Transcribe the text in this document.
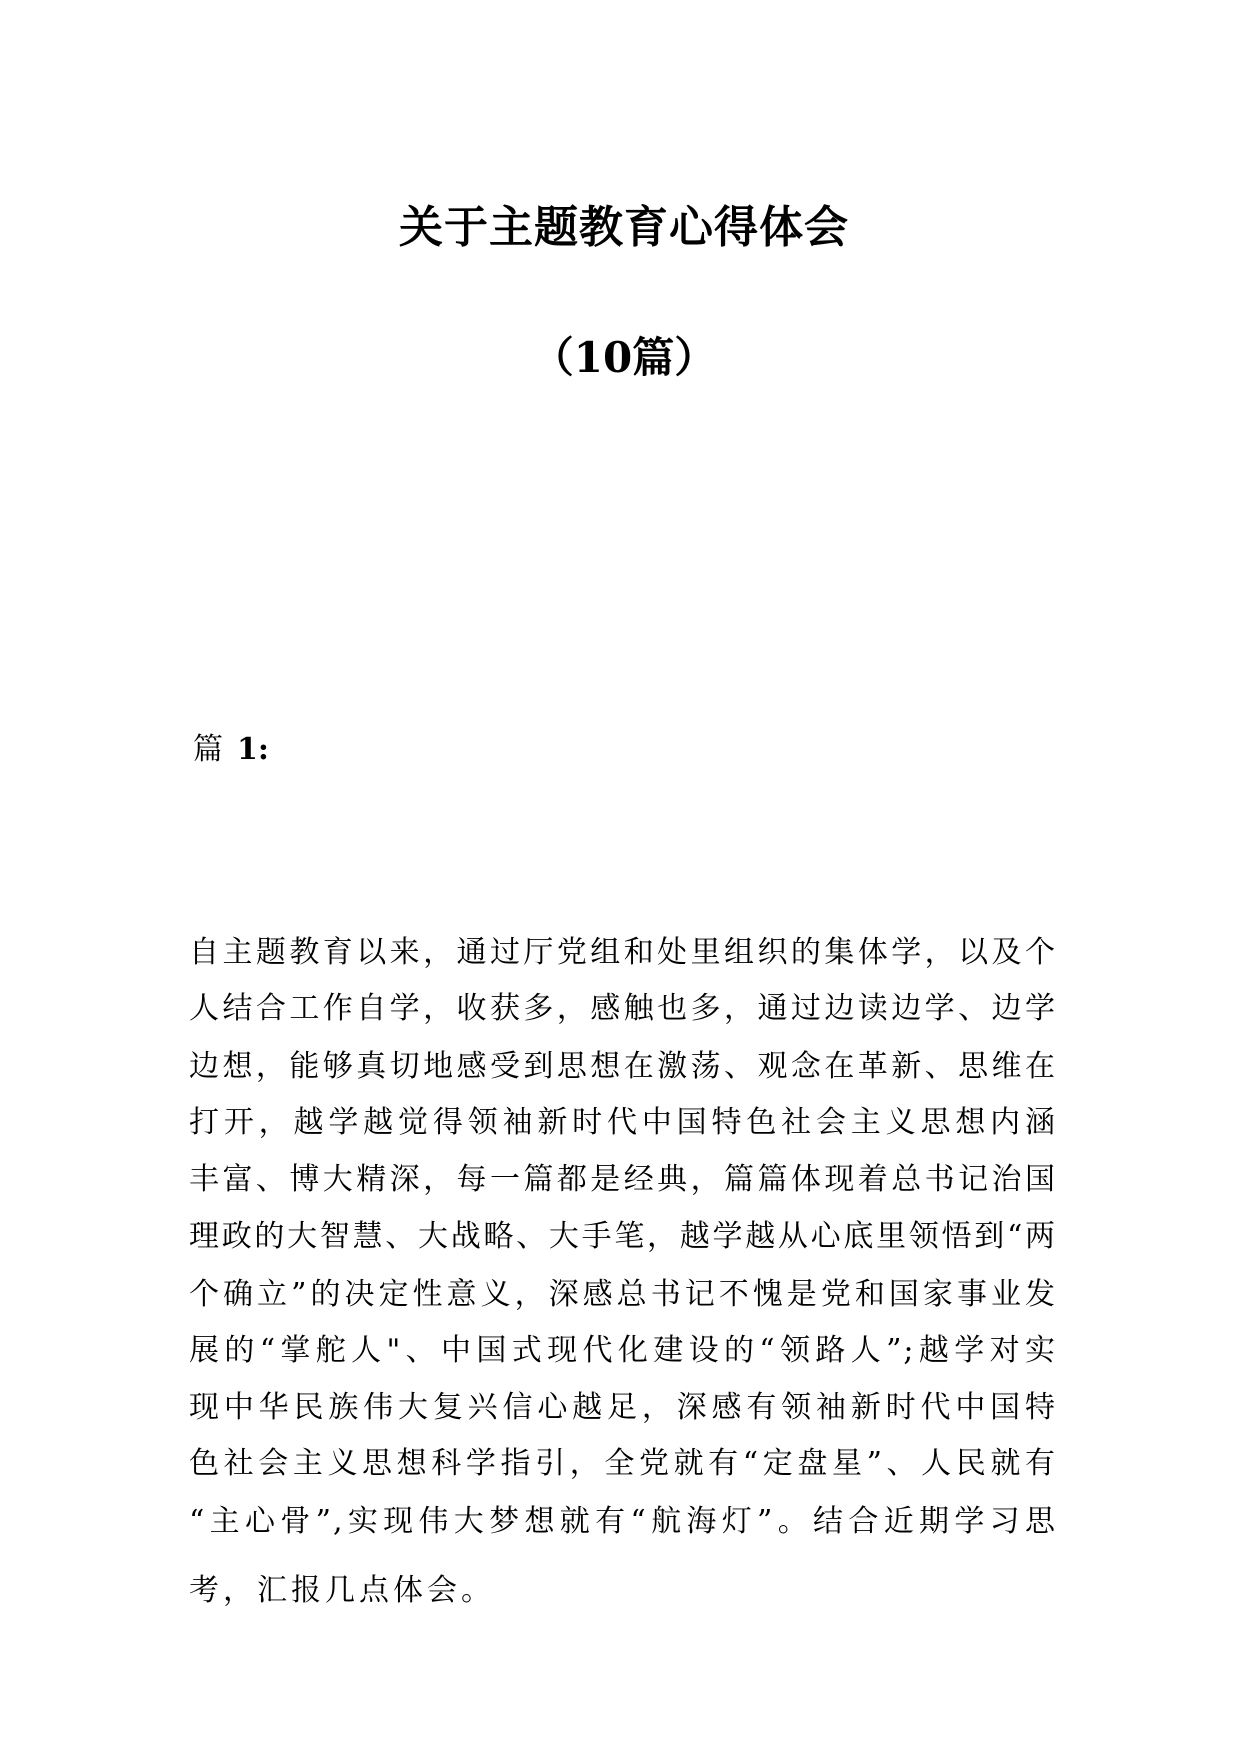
关于主题教育心得体会
（10篇）
篇 1:
自主题教育以来，通过厅党组和处里组织的集体学，以及个
人结合工作自学，收获多，感触也多，通过边读边学、边学
边想，能够真切地感受到思想在激荡、观念在革新、思维在
打开，越学越觉得领袖新时代中国特色社会主义思想内涵
丰富、博大精深，每一篇都是经典，篇篇体现着总书记治国
理政的大智慧、大战略、大手笔，越学越从心底里领悟到“两
个确立”的决定性意义，深感总书记不愧是党和国家事业发
展的“掌舵人"、中国式现代化建设的“领路人”;越学对实
现中华民族伟大复兴信心越足，深感有领袖新时代中国特
色社会主义思想科学指引，全党就有“定盘星”、人民就有
“主心骨”,实现伟大梦想就有“航海灯”。结合近期学习思
考，汇报几点体会。
